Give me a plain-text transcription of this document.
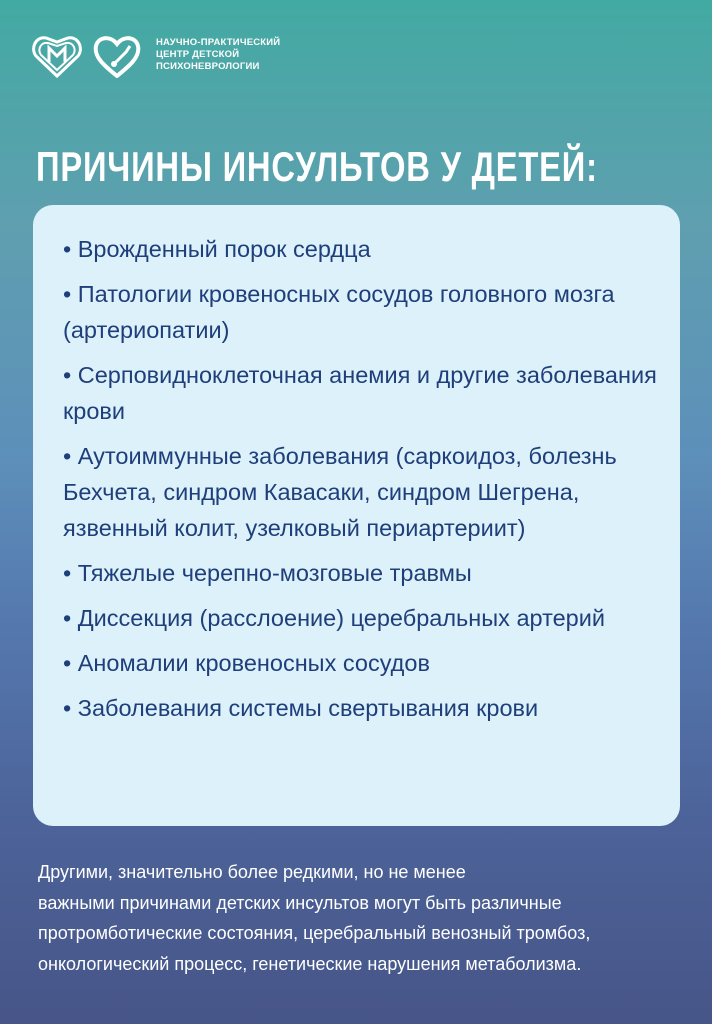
НАУЧНО-ПРАКТИЧЕСКИЙ
ЦЕНТР ДЕТСКОЙ
ПСИХОНЕВРОЛОГИИ
ПРИЧИНЫ ИНСУЛЬТОВ У ДЕТЕЙ:
• Врожденный порок сердца
• Патологии кровеносных сосудов головного мозга (артериопатии)
• Серповидноклеточная анемия и другие заболевания крови
• Аутоиммунные заболевания (саркоидоз, болезнь Бехчета, синдром Кавасаки, синдром Шегрена, язвенный колит, узелковый периартериит)
• Тяжелые черепно-мозговые травмы
• Диссекция (расслоение) церебральных артерий
• Аномалии кровеносных сосудов
• Заболевания системы свертывания крови

Другими, значительно более редкими, но не менее
важными причинами детских инсультов могут быть различные
протромботические состояния, церебральный венозный тромбоз,
онкологический процесс, генетические нарушения метаболизма.
